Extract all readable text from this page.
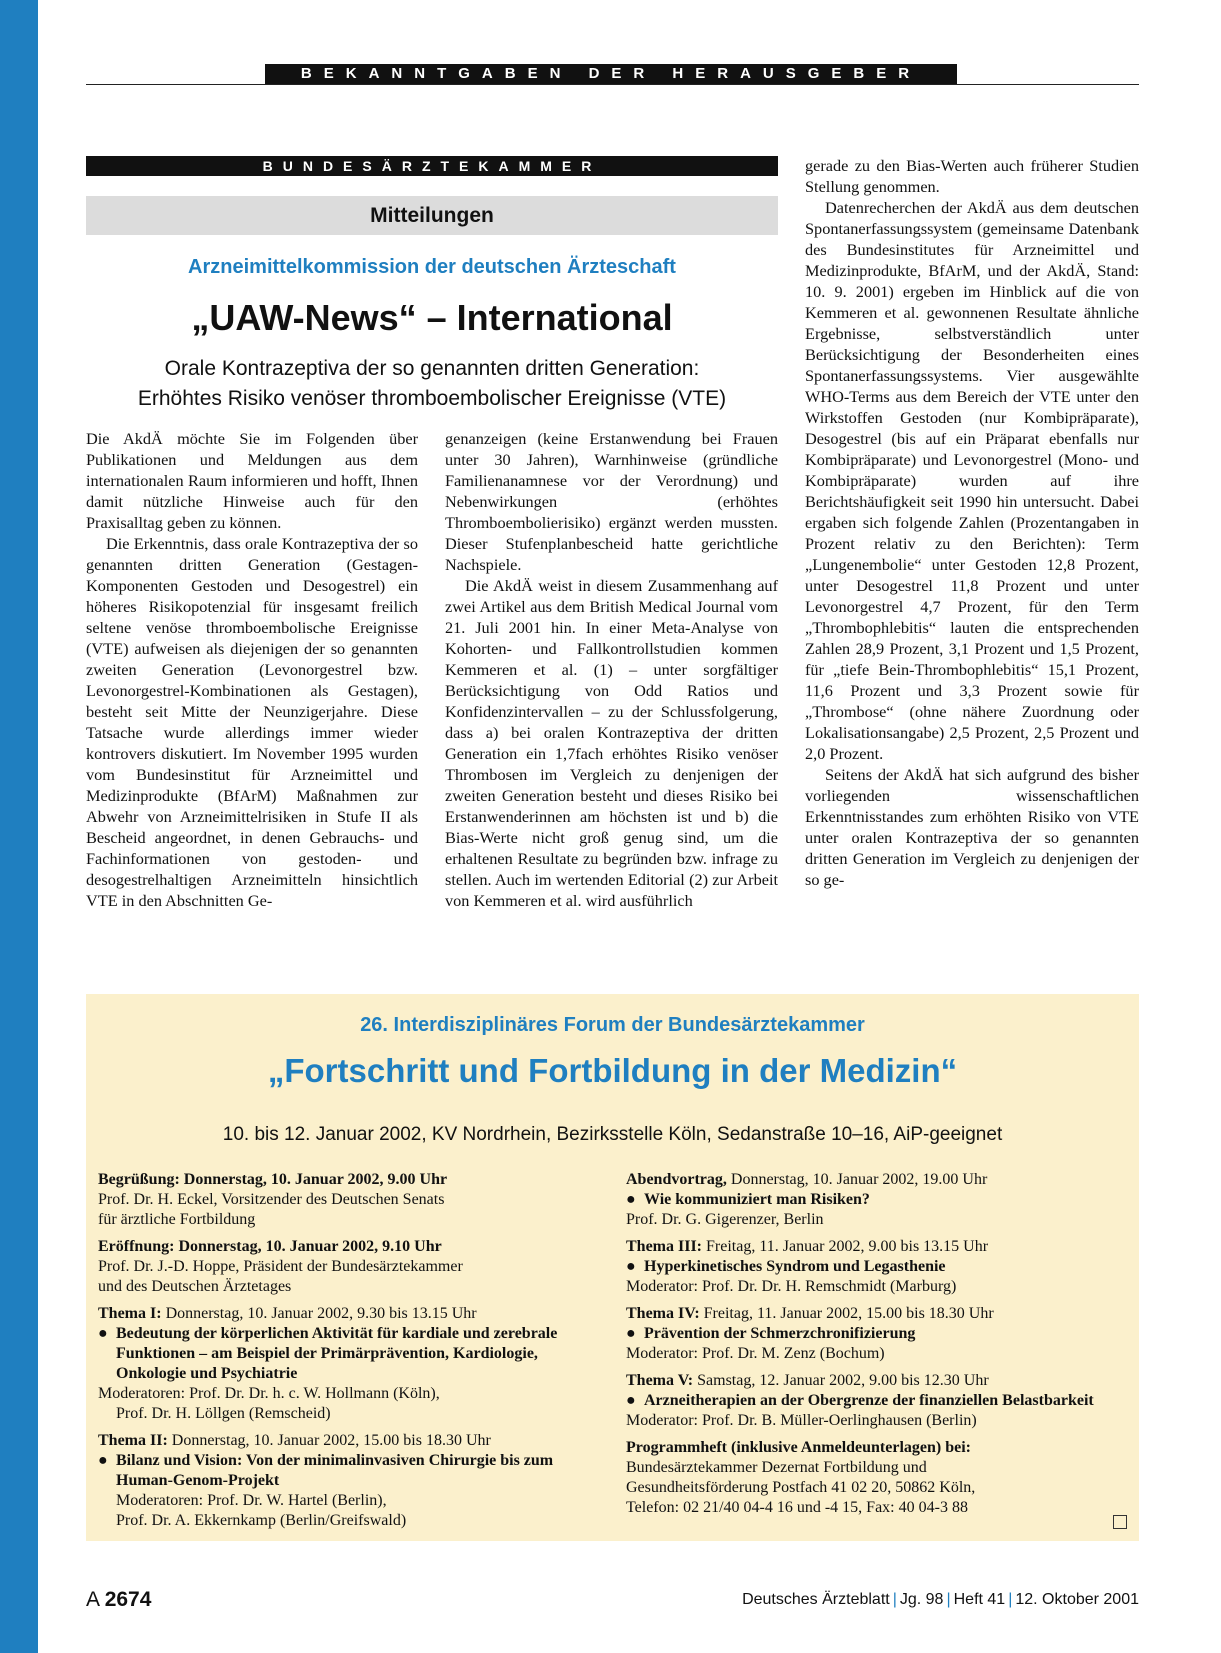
BEKANNTGABEN DER HERAUSGEBER
BUNDESÄRZTEKAMMER
Mitteilungen
Arzneimittelkommission der deutschen Ärzteschaft
„UAW-News“ – International
Orale Kontrazeptiva der so genannten dritten Generation:
Erhöhtes Risiko venöser thromboembolischer Ereignisse (VTE)

Die AkdÄ möchte Sie im Folgenden über Publikationen und Meldungen aus dem internationalen Raum informieren und hofft, Ihnen damit nützliche Hinweise auch für den Praxisalltag geben zu können.

Die Erkenntnis, dass orale Kontrazeptiva der so genannten dritten Generation (Gestagen-Komponenten Gestoden und Desogestrel) ein höheres Risikopotenzial für insgesamt freilich seltene venöse thromboembolische Ereignisse (VTE) aufweisen als diejenigen der so genannten zweiten Generation (Levonorgestrel bzw. Levonorgestrel-Kombinationen als Gestagen), besteht seit Mitte der Neunzigerjahre. Diese Tatsache wurde allerdings immer wieder kontrovers diskutiert. Im November 1995 wurden vom Bundesinstitut für Arzneimittel und Medizinprodukte (BfArM) Maßnahmen zur Abwehr von Arzneimittelrisiken in Stufe II als Bescheid angeordnet, in denen Gebrauchs- und Fachinformationen von gestoden- und desogestrelhaltigen Arzneimitteln hinsichtlich VTE in den Abschnitten Ge-

genanzeigen (keine Erstanwendung bei Frauen unter 30 Jahren), Warnhinweise (gründliche Familienanamnese vor der Verordnung) und Nebenwirkungen (erhöhtes Thromboembolierisiko) ergänzt werden mussten. Dieser Stufenplanbescheid hatte gerichtliche Nachspiele.

Die AkdÄ weist in diesem Zusammenhang auf zwei Artikel aus dem British Medical Journal vom 21. Juli 2001 hin. In einer Meta-Analyse von Kohorten- und Fallkontrollstudien kommen Kemmeren et al. (1) – unter sorgfältiger Berücksichtigung von Odd Ratios und Konfidenzintervallen – zu der Schlussfolgerung, dass a) bei oralen Kontrazeptiva der dritten Generation ein 1,7fach erhöhtes Risiko venöser Thrombosen im Vergleich zu denjenigen der zweiten Generation besteht und dieses Risiko bei Erstanwenderinnen am höchsten ist und b) die Bias-Werte nicht groß genug sind, um die erhaltenen Resultate zu begründen bzw. infrage zu stellen. Auch im wertenden Editorial (2) zur Arbeit von Kemmeren et al. wird ausführlich

gerade zu den Bias-Werten auch früherer Studien Stellung genommen.

Datenrecherchen der AkdÄ aus dem deutschen Spontanerfassungssystem (gemeinsame Datenbank des Bundesinstitutes für Arzneimittel und Medizinprodukte, BfArM, und der AkdÄ, Stand: 10. 9. 2001) ergeben im Hinblick auf die von Kemmeren et al. gewonnenen Resultate ähnliche Ergebnisse, selbstverständlich unter Berücksichtigung der Besonderheiten eines Spontanerfassungssystems. Vier ausgewählte WHO-Terms aus dem Bereich der VTE unter den Wirkstoffen Gestoden (nur Kombipräparate), Desogestrel (bis auf ein Präparat ebenfalls nur Kombipräparate) und Levonorgestrel (Mono- und Kombipräparate) wurden auf ihre Berichtshäufigkeit seit 1990 hin untersucht. Dabei ergaben sich folgende Zahlen (Prozentangaben in Prozent relativ zu den Berichten): Term „Lungenembolie“ unter Gestoden 12,8 Prozent, unter Desogestrel 11,8 Prozent und unter Levonorgestrel 4,7 Prozent, für den Term „Thrombophlebitis“ lauten die entsprechenden Zahlen 28,9 Prozent, 3,1 Prozent und 1,5 Prozent, für „tiefe Bein-Thrombophlebitis“ 15,1 Prozent, 11,6 Prozent und 3,3 Prozent sowie für „Thrombose“ (ohne nähere Zuordnung oder Lokalisationsangabe) 2,5 Prozent, 2,5 Prozent und 2,0 Prozent.

Seitens der AkdÄ hat sich aufgrund des bisher vorliegenden wissenschaftlichen Erkenntnisstandes zum erhöhten Risiko von VTE unter oralen Kontrazeptiva der so genannten dritten Generation im Vergleich zu denjenigen der so ge-

26. Interdisziplinäres Forum der Bundesärztekammer
„Fortschritt und Fortbildung in der Medizin“
10. bis 12. Januar 2002, KV Nordrhein, Bezirksstelle Köln, Sedanstraße 10–16, AiP-geeignet
Begrüßung: Donnerstag, 10. Januar 2002, 9.00 Uhr
Prof. Dr. H. Eckel, Vorsitzender des Deutschen Senats
für ärztliche Fortbildung
Eröffnung: Donnerstag, 10. Januar 2002, 9.10 Uhr
Prof. Dr. J.-D. Hoppe, Präsident der Bundesärztekammer
und des Deutschen Ärztetages
Thema I: Donnerstag, 10. Januar 2002, 9.30 bis 13.15 Uhr
● Bedeutung der körperlichen Aktivität für kardiale und zerebrale Funktionen – am Beispiel der Primärprävention, Kardiologie, Onkologie und Psychiatrie
Moderatoren: Prof. Dr. Dr. h. c. W. Hollmann (Köln),
Prof. Dr. H. Löllgen (Remscheid)
Thema II: Donnerstag, 10. Januar 2002, 15.00 bis 18.30 Uhr
● Bilanz und Vision: Von der minimalinvasiven Chirurgie bis zum Human-Genom-Projekt
Moderatoren: Prof. Dr. W. Hartel (Berlin),
Prof. Dr. A. Ekkernkamp (Berlin/Greifswald)
Abendvortrag, Donnerstag, 10. Januar 2002, 19.00 Uhr
● Wie kommuniziert man Risiken?
Prof. Dr. G. Gigerenzer, Berlin
Thema III: Freitag, 11. Januar 2002, 9.00 bis 13.15 Uhr
● Hyperkinetisches Syndrom und Legasthenie
Moderator: Prof. Dr. Dr. H. Remschmidt (Marburg)
Thema IV: Freitag, 11. Januar 2002, 15.00 bis 18.30 Uhr
● Prävention der Schmerzchronifizierung
Moderator: Prof. Dr. M. Zenz (Bochum)
Thema V: Samstag, 12. Januar 2002, 9.00 bis 12.30 Uhr
● Arzneitherapien an der Obergrenze der finanziellen Belastbarkeit
Moderator: Prof. Dr. B. Müller-Oerlinghausen (Berlin)
Programmheft (inklusive Anmeldeunterlagen) bei:
Bundesärztekammer Dezernat Fortbildung und
Gesundheitsförderung Postfach 41 02 20, 50862 Köln,
Telefon: 02 21/40 04-4 16 und -4 15, Fax: 40 04-3 88
A 2674	Deutsches Ärzteblatt | Jg. 98 | Heft 41 | 12. Oktober 2001
